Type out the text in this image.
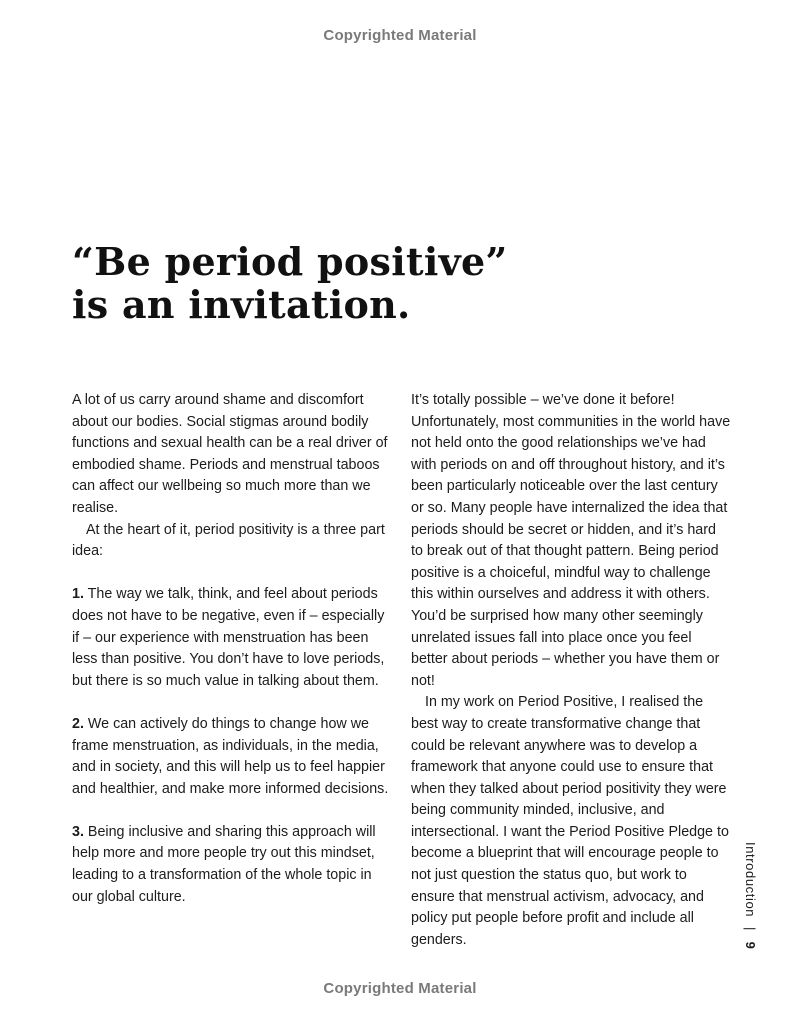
Copyrighted Material
“Be period positive”
is an invitation.

A lot of us carry around shame and discomfort about our bodies. Social stigmas around bodily functions and sexual health can be a real driver of embodied shame. Periods and menstrual taboos can affect our wellbeing so much more than we realise.

At the heart of it, period positivity is a three part idea:

1. The way we talk, think, and feel about periods does not have to be negative, even if – especially if – our experience with menstruation has been less than positive. You don’t have to love periods, but there is so much value in talking about them.

2. We can actively do things to change how we frame menstruation, as individuals, in the media, and in society, and this will help us to feel happier and healthier, and make more informed decisions.

3. Being inclusive and sharing this approach will help more and more people try out this mindset, leading to a transformation of the whole topic in our global culture.

It’s totally possible – we’ve done it before! Unfortunately, most communities in the world have not held onto the good relationships we’ve had with periods on and off throughout history, and it’s been particularly noticeable over the last century or so. Many people have internalized the idea that periods should be secret or hidden, and it’s hard to break out of that thought pattern. Being period positive is a choiceful, mindful way to challenge this within ourselves and address it with others. You’d be surprised how many other seemingly unrelated issues fall into place once you feel better about periods – whether you have them or not!

In my work on Period Positive, I realised the best way to create transformative change that could be relevant anywhere was to develop a framework that anyone could use to ensure that when they talked about period positivity they were being community minded, inclusive, and intersectional. I want the Period Positive Pledge to become a blueprint that will encourage people to not just question the status quo, but work to ensure that menstrual activism, advocacy, and policy put people before profit and include all genders.

Introduction | 9
Copyrighted Material
